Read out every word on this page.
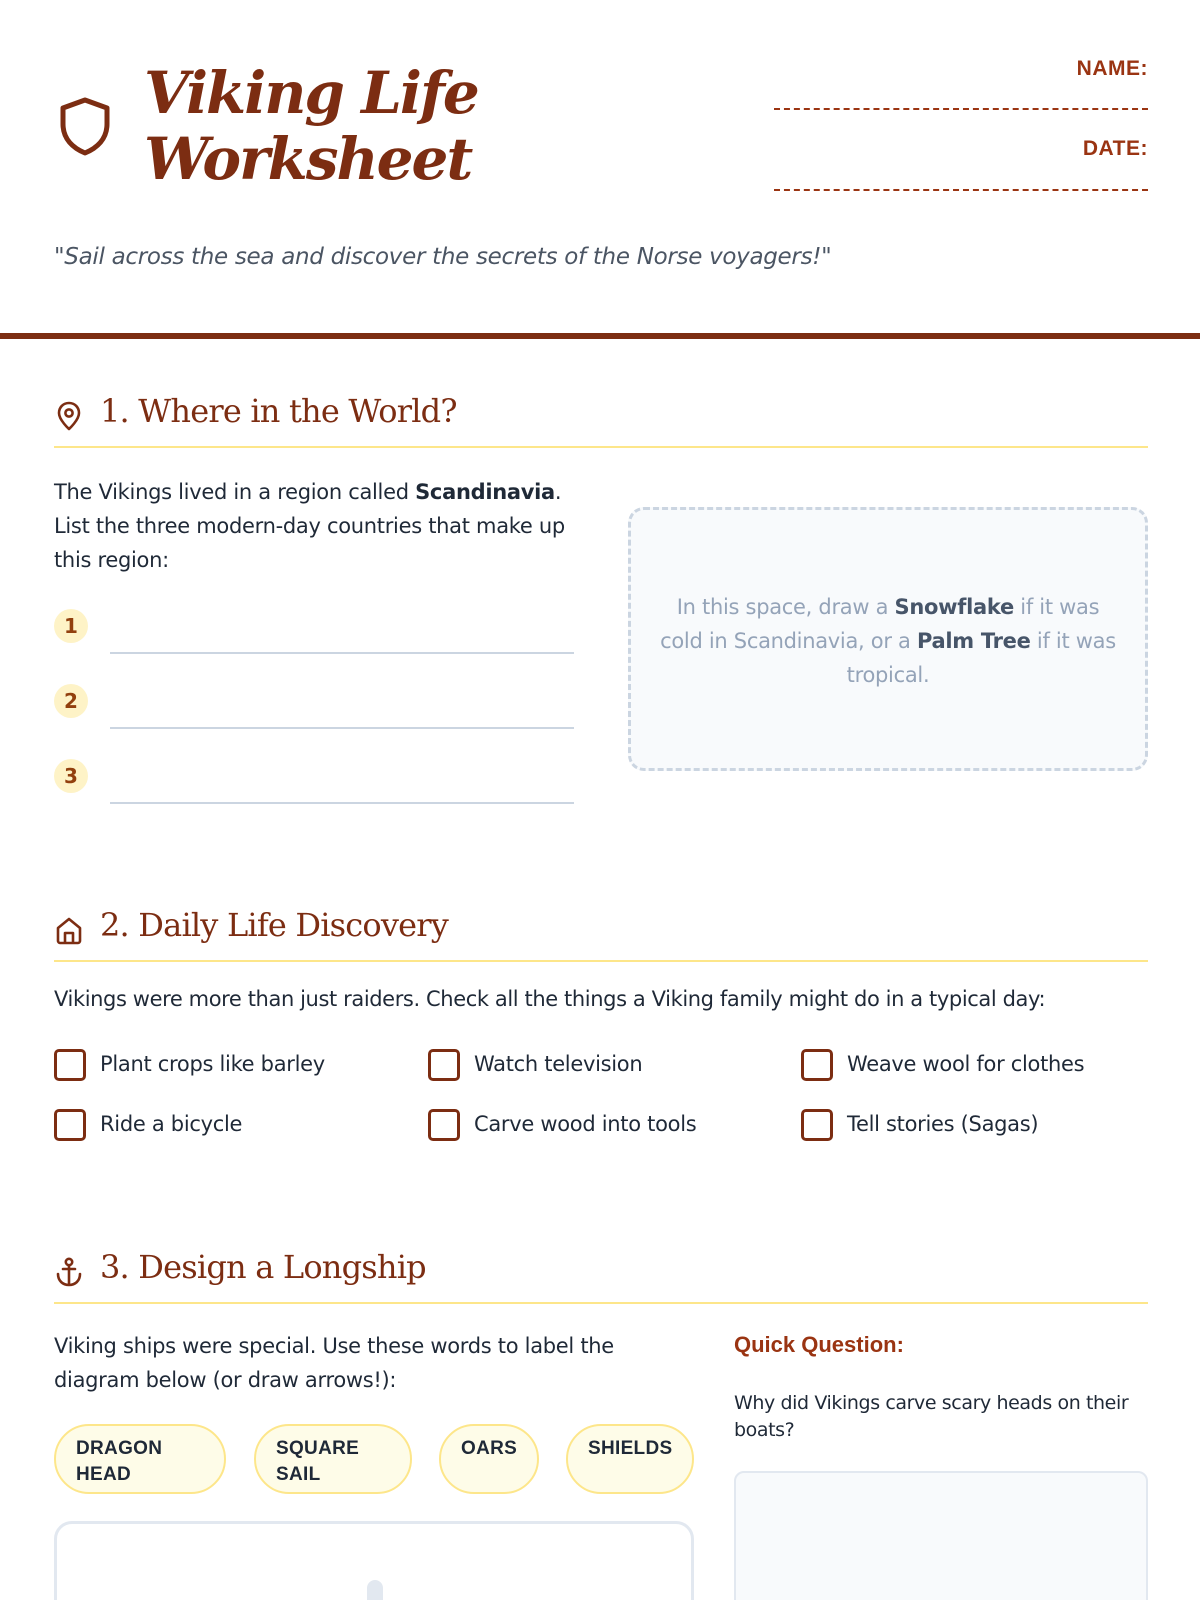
Viking Life
Worksheet
NAME:
DATE:
"Sail across the sea and discover the secrets of the Norse voyagers!"
1. Where in the World?
The Vikings lived in a region called Scandinavia. List the three modern-day countries that make up this region:
1
2
3
In this space, draw a Snowflake if it was cold in Scandinavia, or a Palm Tree if it was tropical.
2. Daily Life Discovery
Vikings were more than just raiders. Check all the things a Viking family might do in a typical day:
Plant crops like barley	Watch television	Weave wool for clothes
Ride a bicycle	Carve wood into tools	Tell stories (Sagas)
3. Design a Longship
Viking ships were special. Use these words to label the diagram below (or draw arrows!):
DRAGON
HEAD
SQUARE
SAIL
OARS	SHIELDS
Quick Question:
Why did Vikings carve scary heads on their boats?
